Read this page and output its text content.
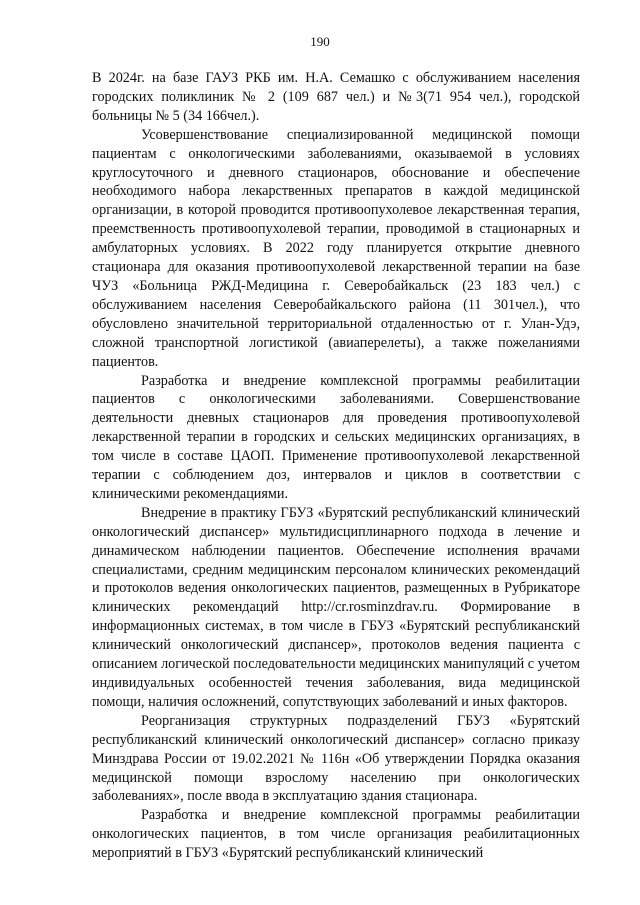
190

В 2024г. на базе ГАУЗ РКБ им. Н.А. Семашко с обслуживанием населения городских поликлиник № 2 (109 687 чел.) и №3(71 954 чел.), городской больницы № 5 (34 166чел.).

Усовершенствование специализированной медицинской помощи пациентам с онкологическими заболеваниями, оказываемой в условиях круглосуточного и дневного стационаров, обоснование и обеспечение необходимого набора лекарственных препаратов в каждой медицинской организации, в которой проводится противоопухолевое лекарственная терапия, преемственность противоопухолевой терапии, проводимой в стационарных и амбулаторных условиях. В 2022 году планируется открытие дневного стационара для оказания противоопухолевой лекарственной терапии на базе ЧУЗ «Больница РЖД-Медицина г. Северобайкальск (23 183 чел.) с обслуживанием населения Северобайкальского района (11 301чел.), что обусловлено значительной территориальной отдаленностью от г. Улан-Удэ, сложной транспортной логистикой (авиаперелеты), а также пожеланиями пациентов.

Разработка и внедрение комплексной программы реабилитации пациентов с онкологическими заболеваниями. Совершенствование деятельности дневных стационаров для проведения противоопухолевой лекарственной терапии в городских и сельских медицинских организациях, в том числе в составе ЦАОП. Применение противоопухолевой лекарственной терапии с соблюдением доз, интервалов и циклов в соответствии с клиническими рекомендациями.

Внедрение в практику ГБУЗ «Бурятский республиканский клинический онкологический диспансер» мультидисциплинарного подхода в лечение и динамическом наблюдении пациентов. Обеспечение исполнения врачами специалистами, средним медицинским персоналом клинических рекомендаций и протоколов ведения онкологических пациентов, размещенных в Рубрикаторе клинических рекомендаций http://cr.rosminzdrav.ru. Формирование в информационных системах, в том числе в ГБУЗ «Бурятский республиканский клинический онкологический диспансер», протоколов ведения пациента с описанием логической последовательности медицинских манипуляций с учетом индивидуальных особенностей течения заболевания, вида медицинской помощи, наличия осложнений, сопутствующих заболеваний и иных факторов.

Реорганизация структурных подразделений ГБУЗ «Бурятский республиканский клинический онкологический диспансер» согласно приказу Минздрава России от 19.02.2021 № 116н «Об утверждении Порядка оказания медицинской помощи взрослому населению при онкологических заболеваниях», после ввода в эксплуатацию здания стационара.

Разработка и внедрение комплексной программы реабилитации онкологических пациентов, в том числе организация реабилитационных мероприятий в ГБУЗ «Бурятский республиканский клинический
